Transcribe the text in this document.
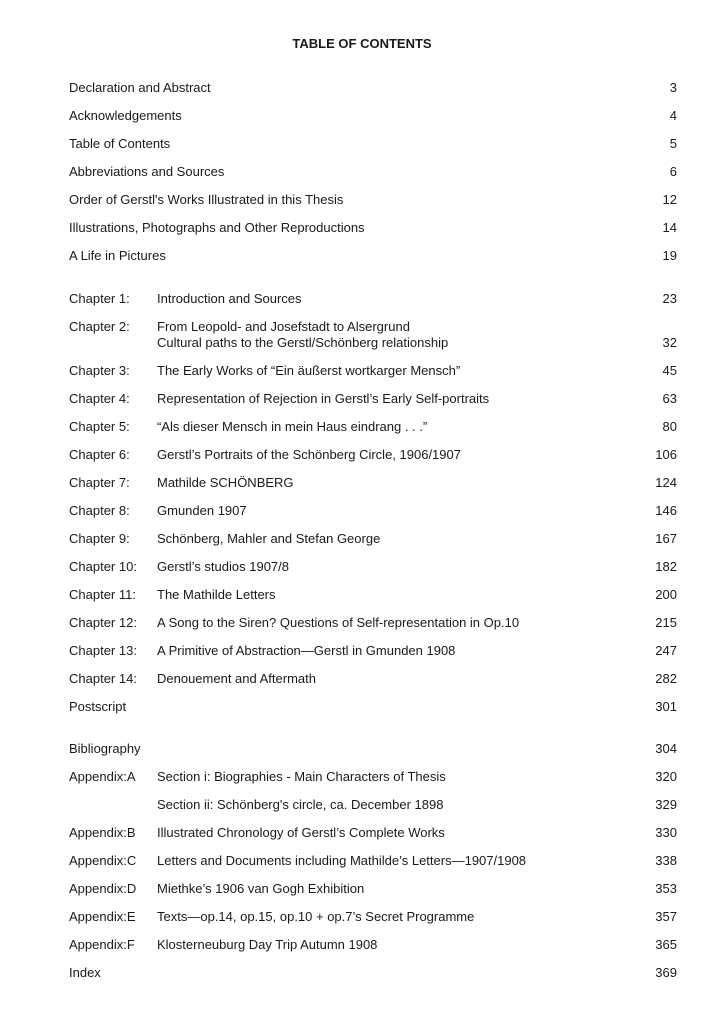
TABLE OF CONTENTS
Declaration and Abstract	3
Acknowledgements	4
Table of Contents	5
Abbreviations and Sources	6
Order of Gerstl's Works Illustrated in this Thesis	12
Illustrations, Photographs and Other Reproductions	14
A Life in Pictures	19
Chapter 1: Introduction and Sources	23
Chapter 2: From Leopold- and Josefstadt to Alsergrund
Cultural paths to the Gerstl/Schönberg relationship	32
Chapter 3: The Early Works of “Ein äußerst wortkarger Mensch”	45
Chapter 4: Representation of Rejection in Gerstl’s Early Self-portraits	63
Chapter 5: “Als dieser Mensch in mein Haus eindrang . . .”	80
Chapter 6: Gerstl’s Portraits of the Schönberg Circle, 1906/1907	106
Chapter 7: Mathilde SCHÖNBERG	124
Chapter 8: Gmunden 1907	146
Chapter 9: Schönberg, Mahler and Stefan George	167
Chapter 10: Gerstl’s studios 1907/8	182
Chapter 11: The Mathilde Letters	200
Chapter 12: A Song to the Siren? Questions of Self-representation in Op.10	215
Chapter 13: A Primitive of Abstraction—Gerstl in Gmunden 1908	247
Chapter 14: Denouement and Aftermath	282
Postscript	301
Bibliography	304
Appendix:A Section i: Biographies - Main Characters of Thesis	320
Section ii: Schönberg's circle, ca. December 1898	329
Appendix:B Illustrated Chronology of Gerstl’s Complete Works	330
Appendix:C Letters and Documents including Mathilde’s Letters—1907/1908	338
Appendix:D Miethke’s 1906 van Gogh Exhibition	353
Appendix:E Texts—op.14, op.15, op.10 + op.7’s Secret Programme	357
Appendix:F Klosterneuburg Day Trip Autumn 1908	365
Index	369
